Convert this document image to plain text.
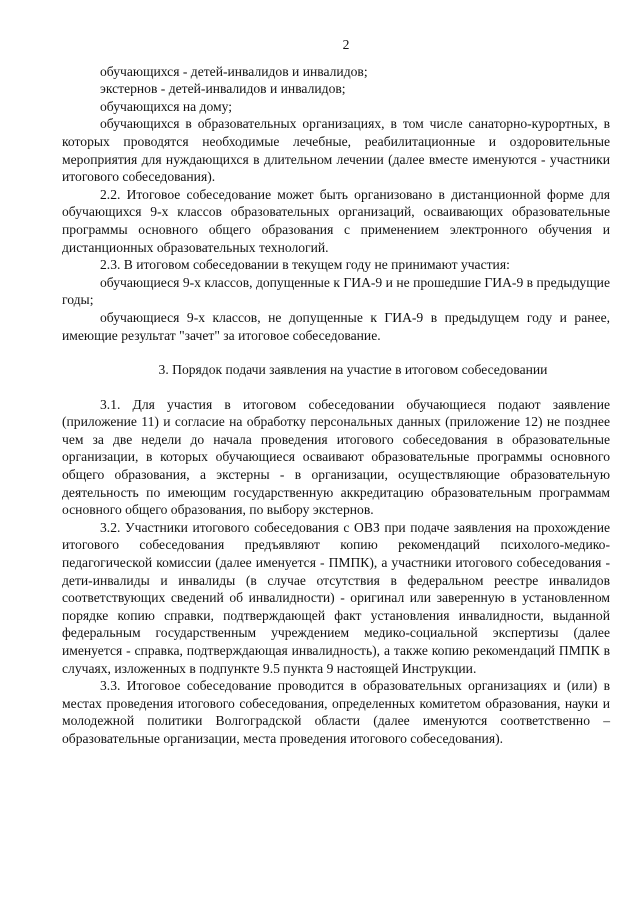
2

обучающихся - детей-инвалидов и инвалидов;

экстернов - детей-инвалидов и инвалидов;

обучающихся на дому;

обучающихся в образовательных организациях, в том числе санаторно-курортных, в которых проводятся необходимые лечебные, реабилитационные и оздоровительные мероприятия для нуждающихся в длительном лечении (далее вместе именуются - участники итогового собеседования).

2.2. Итоговое собеседование может быть организовано в дистанционной форме для обучающихся 9-х классов образовательных организаций, осваивающих образовательные программы основного общего образования с применением электронного обучения и дистанционных образовательных технологий.

2.3. В итоговом собеседовании в текущем году не принимают участия:

обучающиеся 9-х классов, допущенные к ГИА-9 и не прошедшие ГИА-9 в предыдущие годы;

обучающиеся 9-х классов, не допущенные к ГИА-9 в предыдущем году и ранее, имеющие результат "зачет" за итоговое собеседование.

3. Порядок подачи заявления на участие в итоговом собеседовании

3.1. Для участия в итоговом собеседовании обучающиеся подают заявление (приложение 11) и согласие на обработку персональных данных (приложение 12) не позднее чем за две недели до начала проведения итогового собеседования в образовательные организации, в которых обучающиеся осваивают образовательные программы основного общего образования, а экстерны - в организации, осуществляющие образовательную деятельность по имеющим государственную аккредитацию образовательным программам основного общего образования, по выбору экстернов.

3.2. Участники итогового собеседования с ОВЗ при подаче заявления на прохождение итогового собеседования предъявляют копию рекомендаций психолого-медико-педагогической комиссии (далее именуется - ПМПК), а участники итогового собеседования - дети-инвалиды и инвалиды (в случае отсутствия в федеральном реестре инвалидов соответствующих сведений об инвалидности) - оригинал или заверенную в установленном порядке копию справки, подтверждающей факт установления инвалидности, выданной федеральным государственным учреждением медико-социальной экспертизы (далее именуется - справка, подтверждающая инвалидность), а также копию рекомендаций ПМПК в случаях, изложенных в подпункте 9.5 пункта 9 настоящей Инструкции.

3.3. Итоговое собеседование проводится в образовательных организациях и (или) в местах проведения итогового собеседования, определенных комитетом образования, науки и молодежной политики Волгоградской области (далее именуются соответственно – образовательные организации, места проведения итогового собеседования).
